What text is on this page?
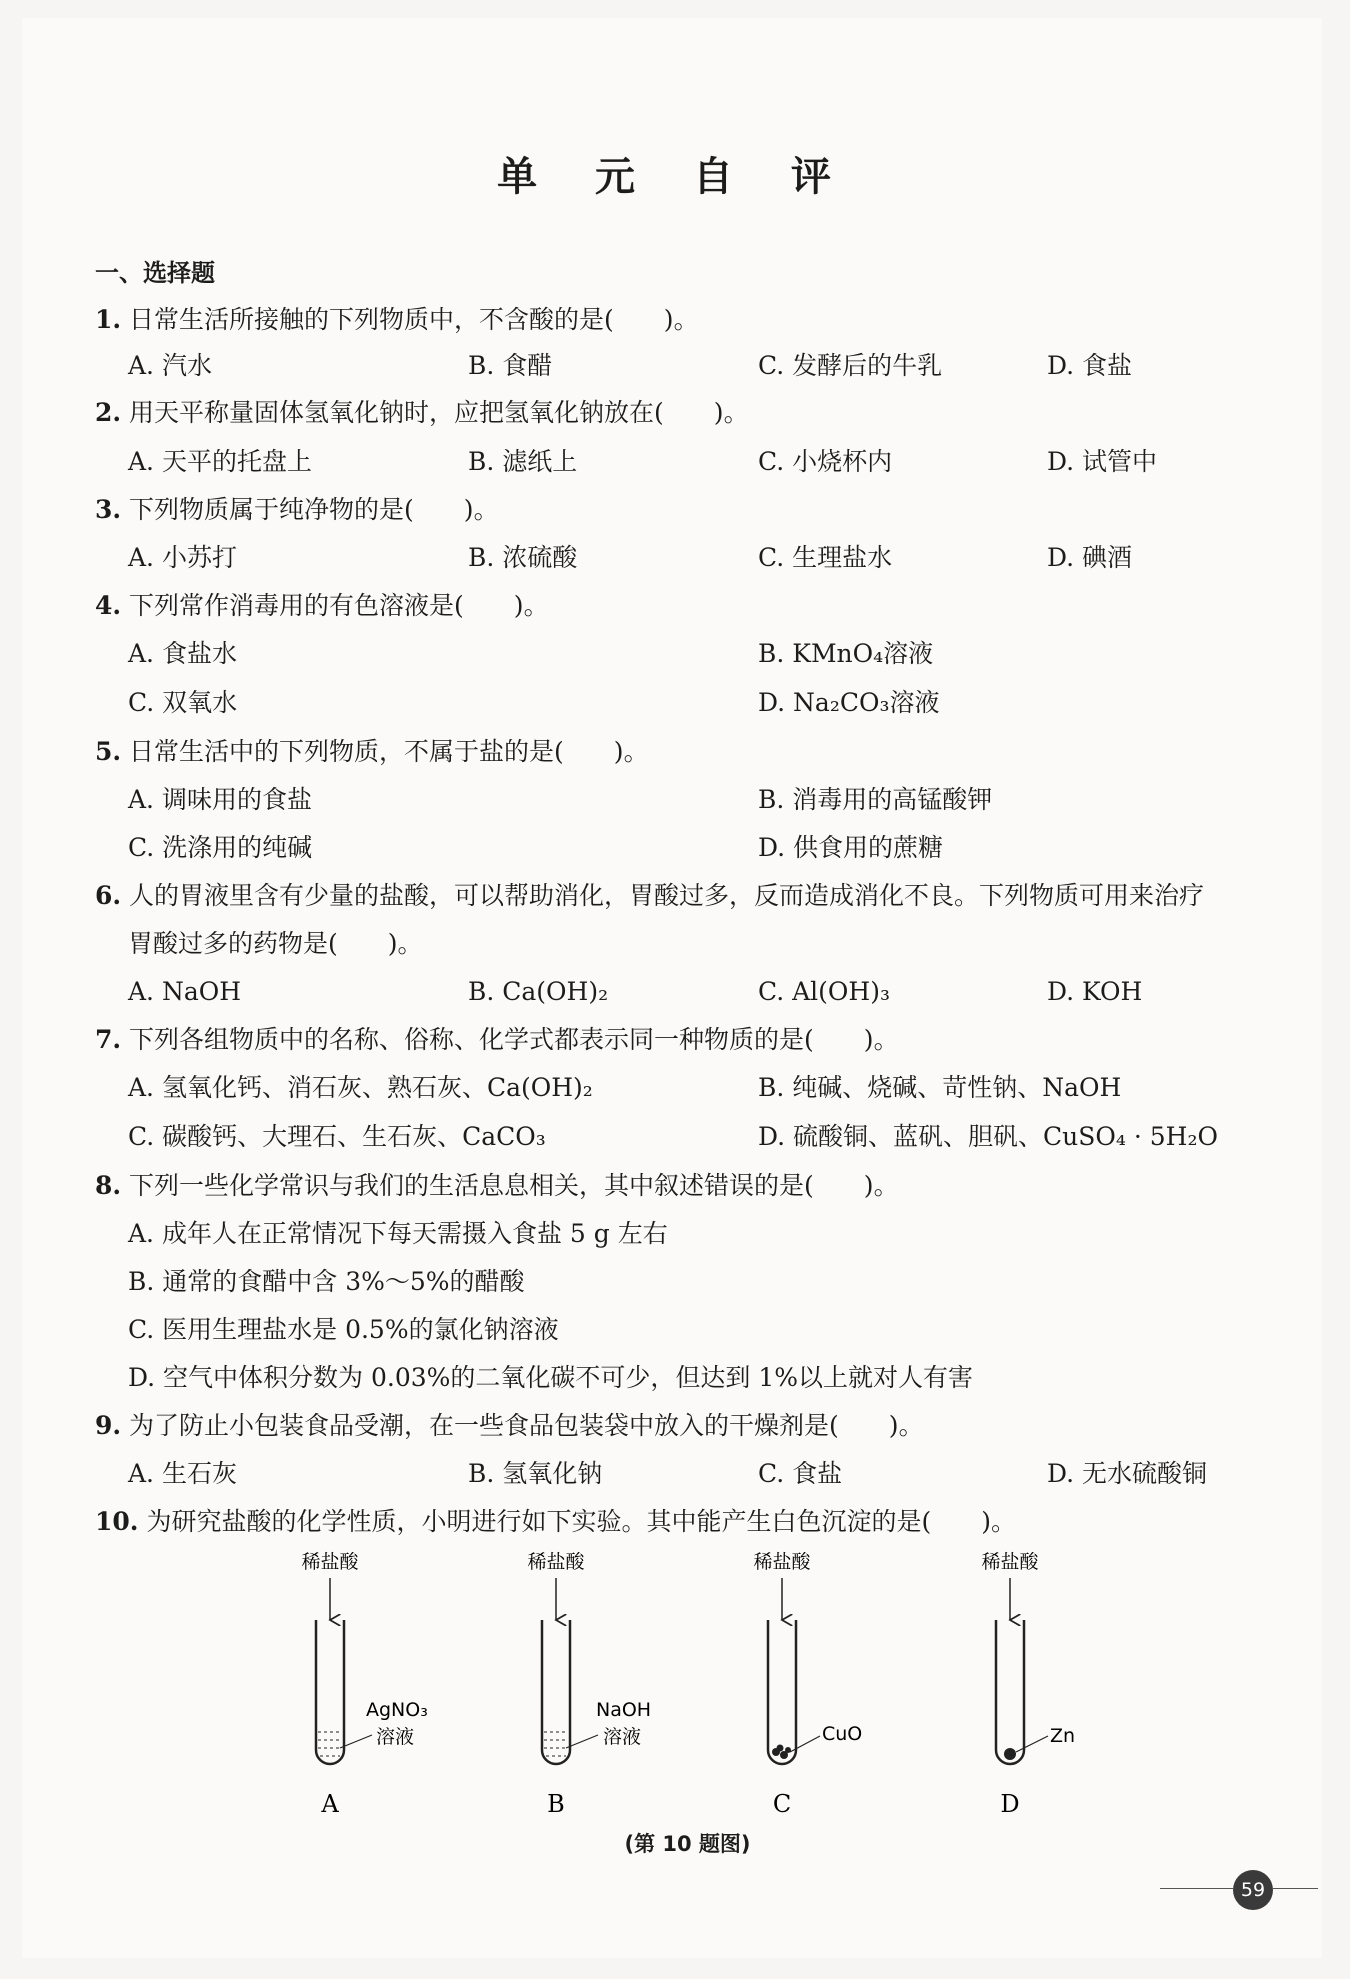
单 元 自 评
一、选择题
1. 日常生活所接触的下列物质中，不含酸的是(　　)。
A. 汽水	B. 食醋	C. 发酵后的牛乳	D. 食盐
2. 用天平称量固体氢氧化钠时，应把氢氧化钠放在(　　)。
A. 天平的托盘上	B. 滤纸上	C. 小烧杯内	D. 试管中
3. 下列物质属于纯净物的是(　　)。
A. 小苏打	B. 浓硫酸	C. 生理盐水	D. 碘酒
4. 下列常作消毒用的有色溶液是(　　)。
A. 食盐水	B. KMnO₄溶液
C. 双氧水	D. Na₂CO₃溶液
5. 日常生活中的下列物质，不属于盐的是(　　)。
A. 调味用的食盐	B. 消毒用的高锰酸钾
C. 洗涤用的纯碱	D. 供食用的蔗糖
6. 人的胃液里含有少量的盐酸，可以帮助消化，胃酸过多，反而造成消化不良。下列物质可用来治疗
胃酸过多的药物是(　　)。
A. NaOH	B. Ca(OH)₂	C. Al(OH)₃	D. KOH
7. 下列各组物质中的名称、俗称、化学式都表示同一种物质的是(　　)。
A. 氢氧化钙、消石灰、熟石灰、Ca(OH)₂	B. 纯碱、烧碱、苛性钠、NaOH
C. 碳酸钙、大理石、生石灰、CaCO₃	D. 硫酸铜、蓝矾、胆矾、CuSO₄ · 5H₂O
8. 下列一些化学常识与我们的生活息息相关，其中叙述错误的是(　　)。
A. 成年人在正常情况下每天需摄入食盐 5 g 左右
B. 通常的食醋中含 3%～5%的醋酸
C. 医用生理盐水是 0.5%的氯化钠溶液
D. 空气中体积分数为 0.03%的二氧化碳不可少，但达到 1%以上就对人有害
9. 为了防止小包装食品受潮，在一些食品包装袋中放入的干燥剂是(　　)。
A. 生石灰	B. 氢氧化钠	C. 食盐	D. 无水硫酸铜
10. 为研究盐酸的化学性质，小明进行如下实验。其中能产生白色沉淀的是(　　)。
稀盐酸
AgNO₃
溶液
A
稀盐酸
NaOH
溶液
B
稀盐酸
CuO
C
稀盐酸
Zn
D
(第 10 题图)
59
